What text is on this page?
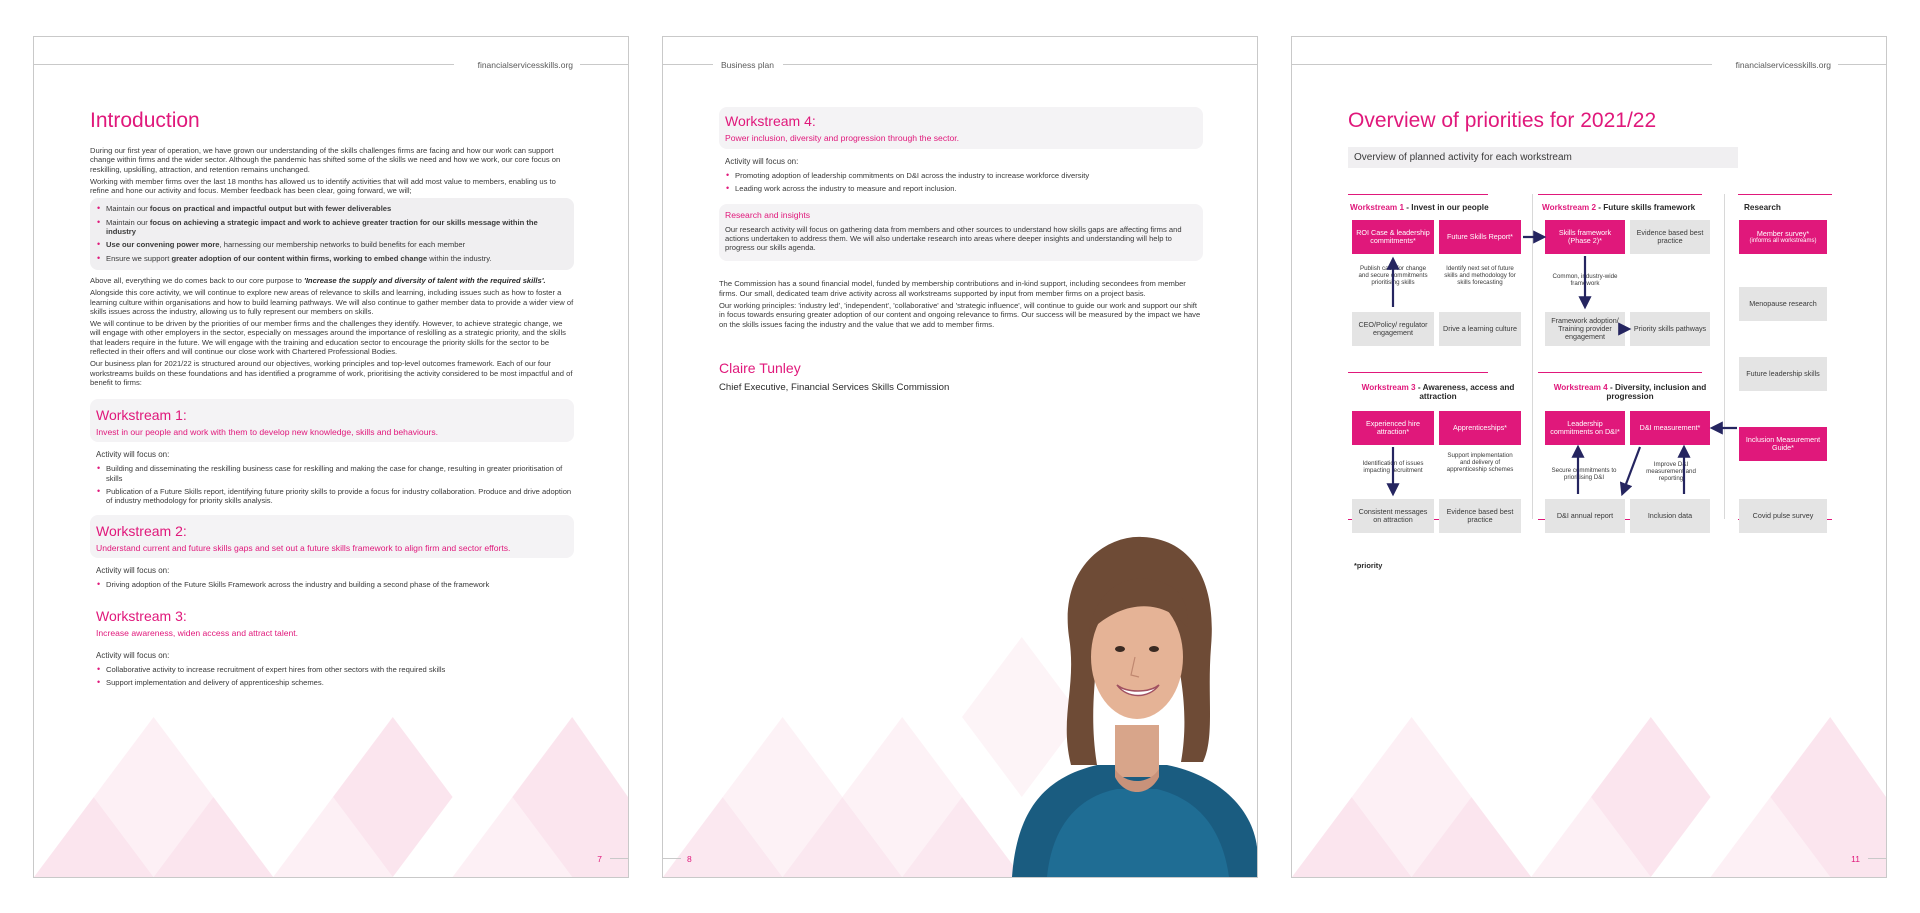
financialservicesskills.org
Introduction

During our first year of operation, we have grown our understanding of the skills challenges firms are facing and how our work can support change within firms and the wider sector. Although the pandemic has shifted some of the skills we need and how we work, our core focus on reskilling, upskilling, attraction, and retention remains unchanged.

Working with member firms over the last 18 months has allowed us to identify activities that will add most value to members, enabling us to refine and hone our activity and focus. Member feedback has been clear, going forward, we will;

• Maintain our focus on practical and impactful output but with fewer deliverables
• Maintain our focus on achieving a strategic impact and work to achieve greater traction for our skills message within the industry
• Use our convening power more, harnessing our membership networks to build benefits for each member
• Ensure we support greater adoption of our content within firms, working to embed change within the industry.

Above all, everything we do comes back to our core purpose to 'Increase the supply and diversity of talent with the required skills'.

Alongside this core activity, we will continue to explore new areas of relevance to skills and learning, including issues such as how to foster a learning culture within organisations and how to build learning pathways. We will also continue to gather member data to provide a wider view of skills issues across the industry, allowing us to fully represent our members on skills.

We will continue to be driven by the priorities of our member firms and the challenges they identify. However, to achieve strategic change, we will engage with other employers in the sector, especially on messages around the importance of reskilling as a strategic priority, and the skills that leaders require in the future. We will engage with the training and education sector to encourage the priority skills for the sector to be reflected in their offers and will continue our close work with Chartered Professional Bodies.

Our business plan for 2021/22 is structured around our objectives, working principles and top-level outcomes framework. Each of our four workstreams builds on these foundations and has identified a programme of work, prioritising the activity considered to be most impactful and of benefit to firms:

Workstream 1:
Invest in our people and work with them to develop new knowledge, skills and behaviours.
Activity will focus on:
• Building and disseminating the reskilling business case for reskilling and making the case for change, resulting in greater prioritisation of skills
• Publication of a Future Skills report, identifying future priority skills to provide a focus for industry collaboration. Produce and drive adoption of industry methodology for priority skills analysis.
Workstream 2:
Understand current and future skills gaps and set out a future skills framework to align firm and sector efforts.
Activity will focus on:
• Driving adoption of the Future Skills Framework across the industry and building a second phase of the framework
Workstream 3:
Increase awareness, widen access and attract talent.
Activity will focus on:
• Collaborative activity to increase recruitment of expert hires from other sectors with the required skills
• Support implementation and delivery of apprenticeship schemes.
7
Business plan
Workstream 4:
Power inclusion, diversity and progression through the sector.
Activity will focus on:
• Promoting adoption of leadership commitments on D&I across the industry to increase workforce diversity
• Leading work across the industry to measure and report inclusion.
Research and insights

Our research activity will focus on gathering data from members and other sources to understand how skills gaps are affecting firms and actions undertaken to address them. We will also undertake research into areas where deeper insights and understanding will help to progress our skills agenda.

The Commission has a sound financial model, funded by membership contributions and in-kind support, including secondees from member firms. Our small, dedicated team drive activity across all workstreams supported by input from member firms on a project basis.

Our working principles: 'industry led', 'independent', 'collaborative' and 'strategic influence', will continue to guide our work and support our shift in focus towards ensuring greater adoption of our content and ongoing relevance to firms. Our success will be measured by the impact we have on the skills issues facing the industry and the value that we add to member firms.

Claire Tunley
Chief Executive, Financial Services Skills Commission
8
financialservicesskills.org
Overview of priorities for 2021/22
Overview of planned activity for each workstream
Workstream 1 - Invest in our people	Workstream 2 - Future skills framework	Research
Workstream 3 - Awareness, access and attraction
Workstream 4 - Diversity, inclusion and progression
ROI Case & leadership commitments*	Future Skills Report*
Publish case for change and secure commitments prioritising skills
Identify next set of future skills and methodology for skills forecasting
CEO/Policy/ regulator engagement	Drive a learning culture
Skills framework (Phase 2)*
Evidence based best practice
Common, industry-wide framework
Framework adoption/ Training provider engagement
Priority skills pathways
Member survey*
(informs all workstreams)
Menopause research
Future leadership skills
Inclusion Measurement Guide*
Covid pulse survey
Experienced hire attraction*	Apprenticeships*
Identification of issues impacting recruitment
Support implementation and delivery of apprenticeship schemes
Consistent messages on attraction
Evidence based best practice
Leadership commitments on D&I*	D&I measurement*
Secure commitments to prioritising D&I
Improve D&I measurement and reporting
D&I annual report	Inclusion data
*priority
11
